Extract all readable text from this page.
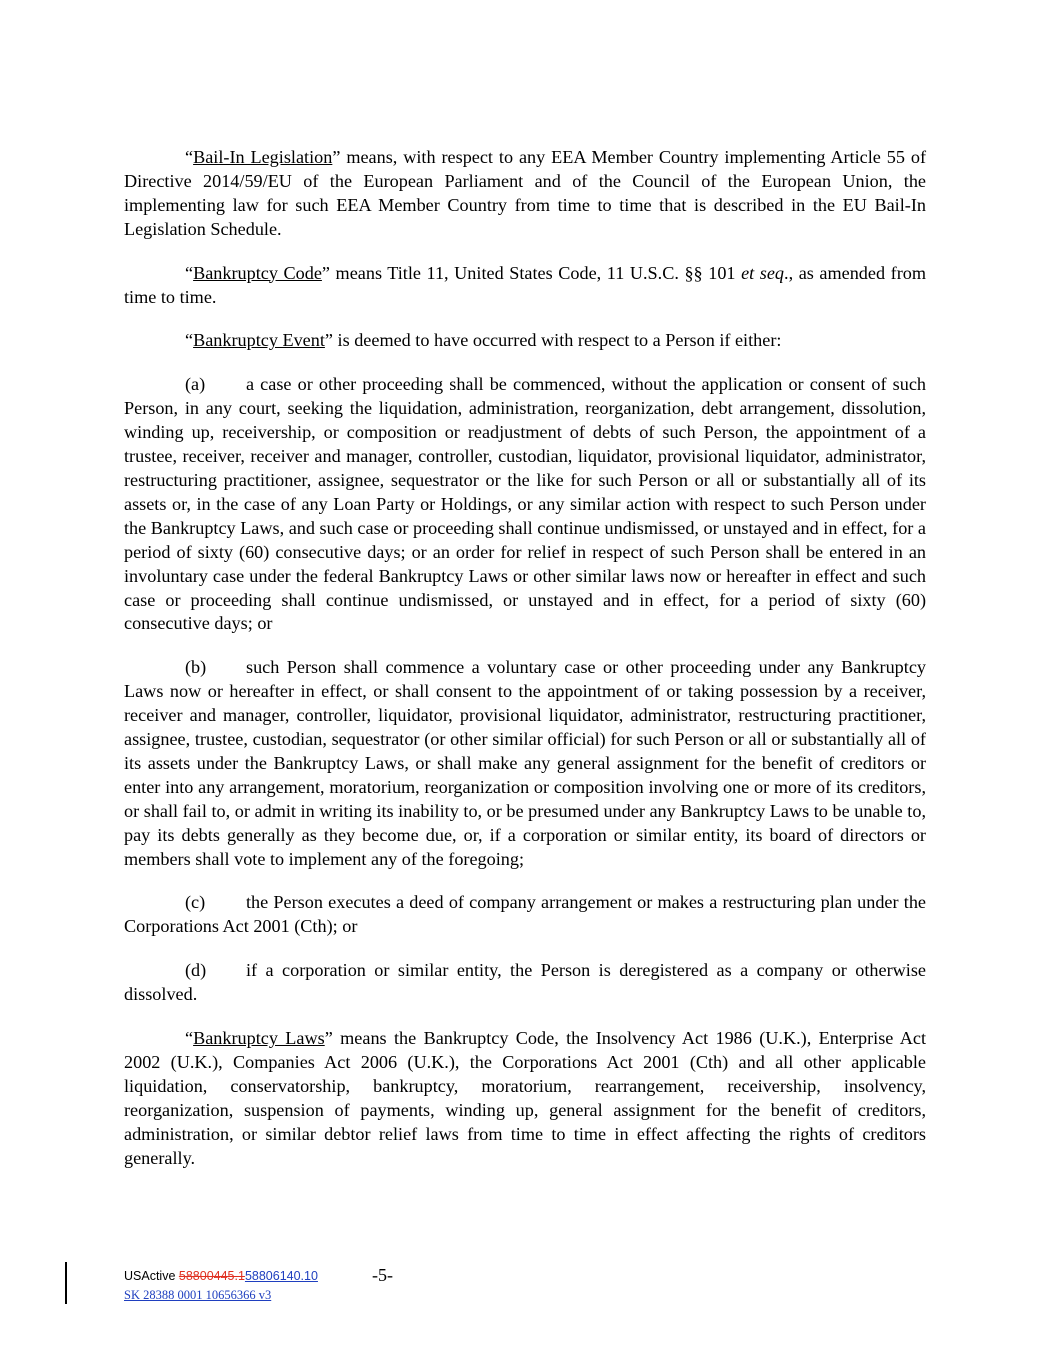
“Bail-In Legislation” means, with respect to any EEA Member Country implementing Article 55 of Directive 2014/59/EU of the European Parliament and of the Council of the European Union, the implementing law for such EEA Member Country from time to time that is described in the EU Bail-In Legislation Schedule.

“Bankruptcy Code” means Title 11, United States Code, 11 U.S.C. §§ 101 et seq., as amended from time to time.

“Bankruptcy Event” is deemed to have occurred with respect to a Person if either:

(a) a case or other proceeding shall be commenced, without the application or consent of such Person, in any court, seeking the liquidation, administration, reorganization, debt arrangement, dissolution, winding up, receivership, or composition or readjustment of debts of such Person, the appointment of a trustee, receiver, receiver and manager, controller, custodian, liquidator, provisional liquidator, administrator, restructuring practitioner, assignee, sequestrator or the like for such Person or all or substantially all of its assets or, in the case of any Loan Party or Holdings, or any similar action with respect to such Person under the Bankruptcy Laws, and such case or proceeding shall continue undismissed, or unstayed and in effect, for a period of sixty (60) consecutive days; or an order for relief in respect of such Person shall be entered in an involuntary case under the federal Bankruptcy Laws or other similar laws now or hereafter in effect and such case or proceeding shall continue undismissed, or unstayed and in effect, for a period of sixty (60) consecutive days; or

(b) such Person shall commence a voluntary case or other proceeding under any Bankruptcy Laws now or hereafter in effect, or shall consent to the appointment of or taking possession by a receiver, receiver and manager, controller, liquidator, provisional liquidator, administrator, restructuring practitioner, assignee, trustee, custodian, sequestrator (or other similar official) for such Person or all or substantially all of its assets under the Bankruptcy Laws, or shall make any general assignment for the benefit of creditors or enter into any arrangement, moratorium, reorganization or composition involving one or more of its creditors, or shall fail to, or admit in writing its inability to, or be presumed under any Bankruptcy Laws to be unable to, pay its debts generally as they become due, or, if a corporation or similar entity, its board of directors or members shall vote to implement any of the foregoing;

(c) the Person executes a deed of company arrangement or makes a restructuring plan under the Corporations Act 2001 (Cth); or

(d) if a corporation or similar entity, the Person is deregistered as a company or otherwise dissolved.

“Bankruptcy Laws” means the Bankruptcy Code, the Insolvency Act 1986 (U.K.), Enterprise Act 2002 (U.K.), Companies Act 2006 (U.K.), the Corporations Act 2001 (Cth) and all other applicable liquidation, conservatorship, bankruptcy, moratorium, rearrangement, receivership, insolvency, reorganization, suspension of payments, winding up, general assignment for the benefit of creditors, administration, or similar debtor relief laws from time to time in effect affecting the rights of creditors generally.

USActive 58800445.158806140.10	-5-
SK 28388 0001 10656366 v3
